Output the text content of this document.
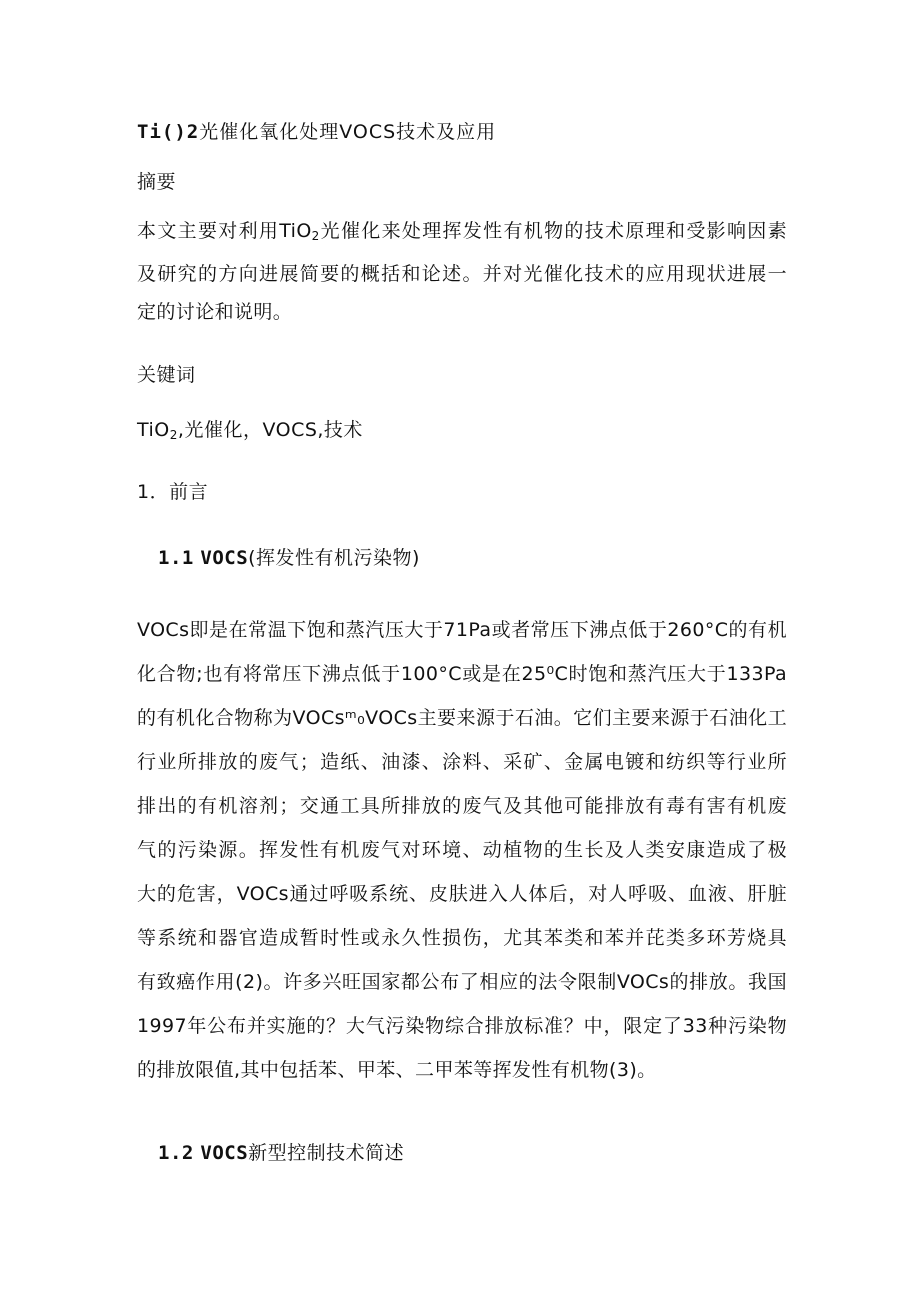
Ti()2光催化氧化处理VOCS技术及应用
摘要
本文主要对利用TiO$_2$光催化来处理挥发性有机物的技术原理和受影响因素
及研究的方向进展简要的概括和论述。并对光催化技术的应用现状进展一
定的讨论和说明。
关键词
TiO$_2$,光催化，VOCS,技术
1．前言
1.1 VOCS(挥发性有机污染物)
VOCs即是在常温下饱和蒸汽压大于71Pa或者常压下沸点低于260°C的有机
化合物;也有将常压下沸点低于100°C或是在25⁰C时饱和蒸汽压大于133Pa
的有机化合物称为VOCsᵐ₀VOCs主要来源于石油。它们主要来源于石油化工
行业所排放的废气；造纸、油漆、涂料、采矿、金属电镀和纺织等行业所
排出的有机溶剂；交通工具所排放的废气及其他可能排放有毒有害有机废
气的污染源。挥发性有机废气对环境、动植物的生长及人类安康造成了极
大的危害，VOCs通过呼吸系统、皮肤进入人体后，对人呼吸、血液、肝脏
等系统和器官造成暂时性或永久性损伤，尤其苯类和苯并芘类多环芳烧具
有致癌作用(2)。许多兴旺国家都公布了相应的法令限制VOCs的排放。我国
1997年公布并实施的？大气污染物综合排放标准？中，限定了33种污染物
的排放限值,其中包括苯、甲苯、二甲苯等挥发性有机物(3)。
1.2 VOCS新型控制技术简述
